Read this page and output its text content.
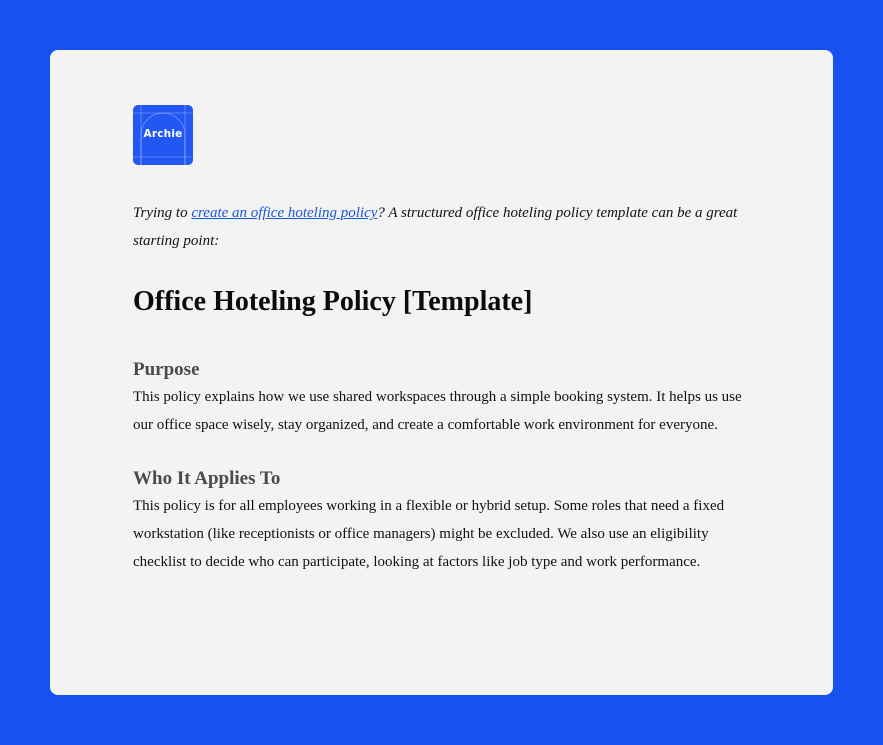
Archie

Trying to create an office hoteling policy? A structured office hoteling policy template can be a great starting point:

Office Hoteling Policy [Template]
Purpose

This policy explains how we use shared workspaces through a simple booking system. It helps us use our office space wisely, stay organized, and create a comfortable work environment for everyone.

Who It Applies To

This policy is for all employees working in a flexible or hybrid setup. Some roles that need a fixed workstation (like receptionists or office managers) might be excluded. We also use an eligibility checklist to decide who can participate, looking at factors like job type and work performance.
